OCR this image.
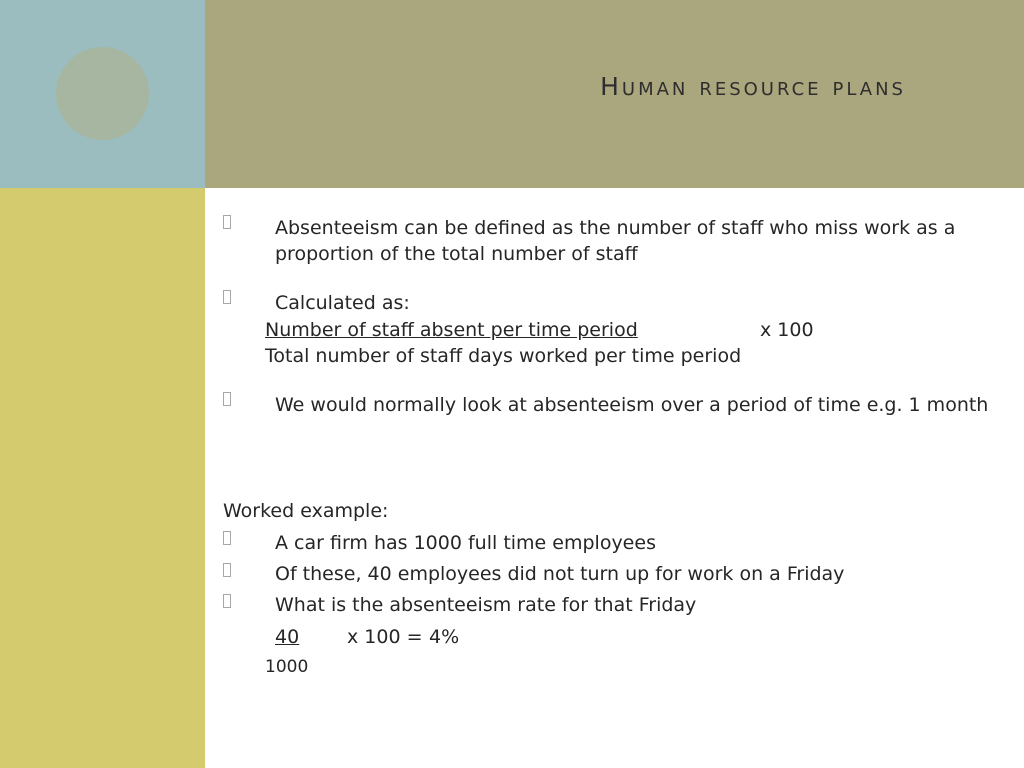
Human resource plans
Absenteeism can be defined as the number of staff who miss work as a proportion of the total number of staff
Calculated as:
Number of staff absent per time period	x 100
Total number of staff days worked per time period
We would normally look at absenteeism over a period of time e.g. 1 month
Worked example:
A car firm has 1000 full time employees
Of these, 40 employees did not turn up for work on a Friday
What is the absenteeism rate for that Friday
40	x 100 = 4%
1000
